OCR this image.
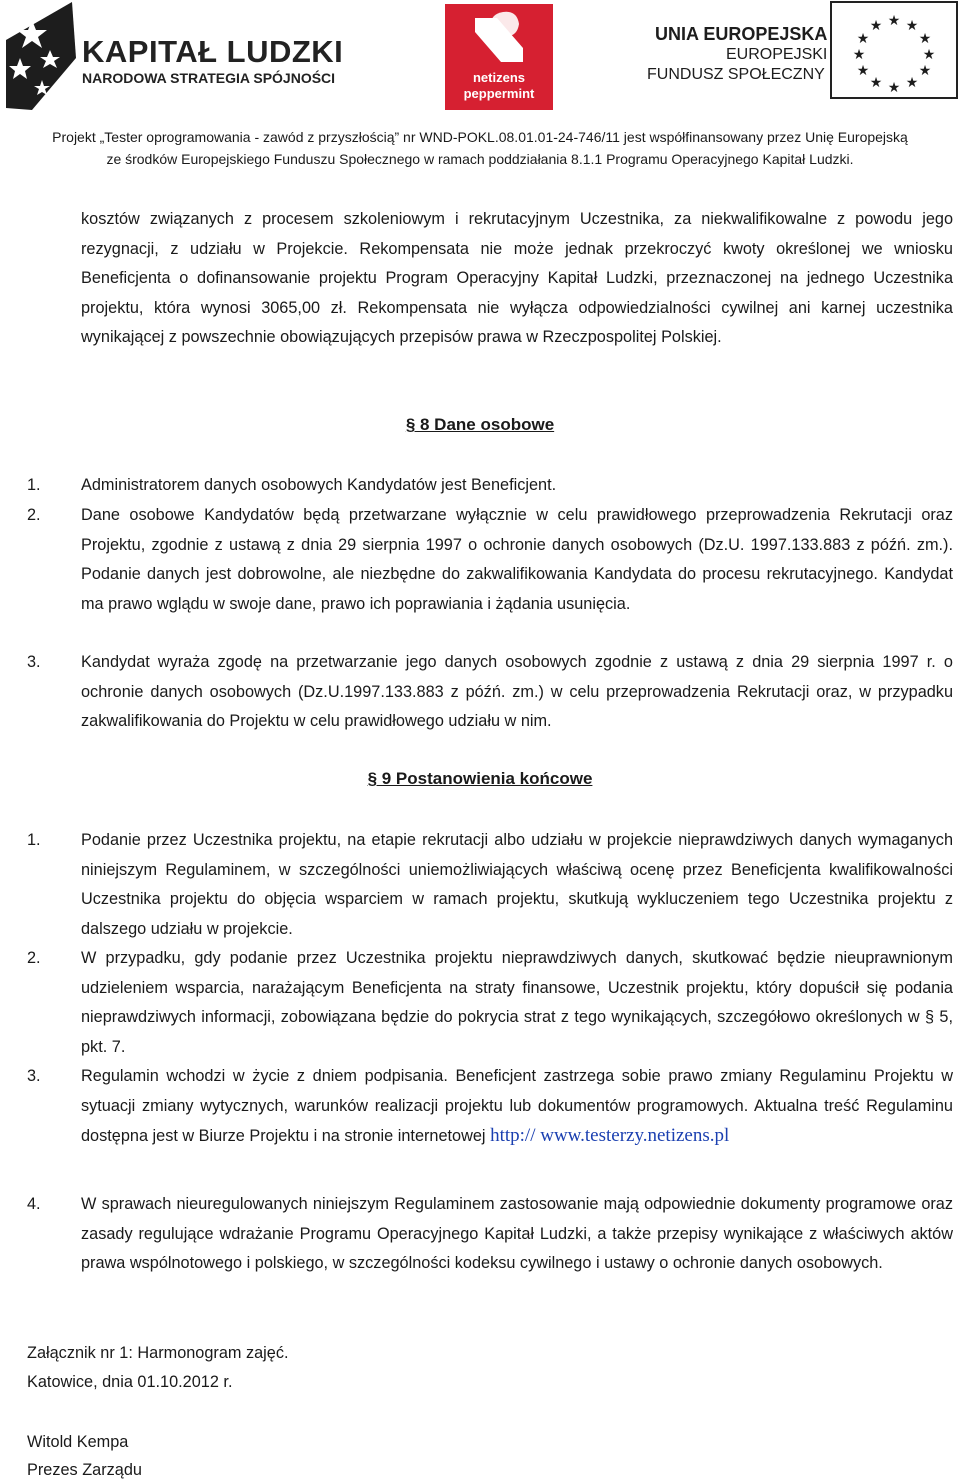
KAPITAŁ LUDZKI
NARODOWA STRATEGIA SPÓJNOŚCI	netizens
peppermint
UNIA EUROPEJSKA
EUROPEJSKI
FUNDUSZ SPOŁECZNY
★ ★
★
★
★
★
★
★
★
★
★
★
Projekt „Tester oprogramowania - zawód z przyszłością” nr WND-POKL.08.01.01-24-746/11 jest współfinansowany przez Unię Europejską
ze środków Europejskiego Funduszu Społecznego w ramach poddziałania 8.1.1 Programu Operacyjnego Kapitał Ludzki.
kosztów związanych z procesem szkoleniowym i rekrutacyjnym Uczestnika, za niekwalifikowalne z powodu jego rezygnacji, z udziału w Projekcie. Rekompensata nie może jednak przekroczyć kwoty określonej we wniosku Beneficjenta o dofinansowanie projektu Program Operacyjny Kapitał Ludzki, przeznaczonej na jednego Uczestnika projektu, która wynosi 3065,00 zł. Rekompensata nie wyłącza odpowiedzialności cywilnej ani karnej uczestnika wynikającej z powszechnie obowiązujących przepisów prawa w Rzeczpospolitej Polskiej.
§ 8 Dane osobowe
1.	Administratorem danych osobowych Kandydatów jest Beneficjent.
2.	Dane osobowe Kandydatów będą przetwarzane wyłącznie w celu prawidłowego przeprowadzenia Rekrutacji oraz Projektu, zgodnie z ustawą z dnia 29 sierpnia 1997 o ochronie danych osobowych (Dz.U. 1997.133.883 z późń. zm.). Podanie danych jest dobrowolne, ale niezbędne do zakwalifikowania Kandydata do procesu rekrutacyjnego. Kandydat ma prawo wglądu w swoje dane, prawo ich poprawiania i żądania usunięcia.
3.	Kandydat wyraża zgodę na przetwarzanie jego danych osobowych zgodnie z ustawą z dnia 29 sierpnia 1997 r. o ochronie danych osobowych (Dz.U.1997.133.883 z późń. zm.) w celu przeprowadzenia Rekrutacji oraz, w przypadku zakwalifikowania do Projektu w celu prawidłowego udziału w nim.
§ 9 Postanowienia końcowe
1.	Podanie przez Uczestnika projektu, na etapie rekrutacji albo udziału w projekcie nieprawdziwych danych wymaganych niniejszym Regulaminem, w szczególności uniemożliwiających właściwą ocenę przez Beneficjenta kwalifikowalności Uczestnika projektu do objęcia wsparciem w ramach projektu, skutkują wykluczeniem tego Uczestnika projektu z dalszego udziału w projekcie.
2.	W przypadku, gdy podanie przez Uczestnika projektu nieprawdziwych danych, skutkować będzie nieuprawnionym udzieleniem wsparcia, narażającym Beneficjenta na straty finansowe, Uczestnik projektu, który dopuścił się podania nieprawdziwych informacji, zobowiązana będzie do pokrycia strat z tego wynikających, szczegółowo określonych w § 5, pkt. 7.
3.	Regulamin wchodzi w życie z dniem podpisania. Beneficjent zastrzega sobie prawo zmiany Regulaminu Projektu w sytuacji zmiany wytycznych, warunków realizacji projektu lub dokumentów programowych. Aktualna treść Regulaminu dostępna jest w Biurze Projektu i na stronie internetowej http:// www.testerzy.netizens.pl
4.	W sprawach nieuregulowanych niniejszym Regulaminem zastosowanie mają odpowiednie dokumenty programowe oraz zasady regulujące wdrażanie Programu Operacyjnego Kapitał Ludzki, a także przepisy wynikające z właściwych aktów prawa wspólnotowego i polskiego, w szczególności kodeksu cywilnego i ustawy o ochronie danych osobowych.
Załącznik nr 1: Harmonogram zajęć.
Katowice, dnia 01.10.2012 r.
Witold Kempa
Prezes Zarządu
